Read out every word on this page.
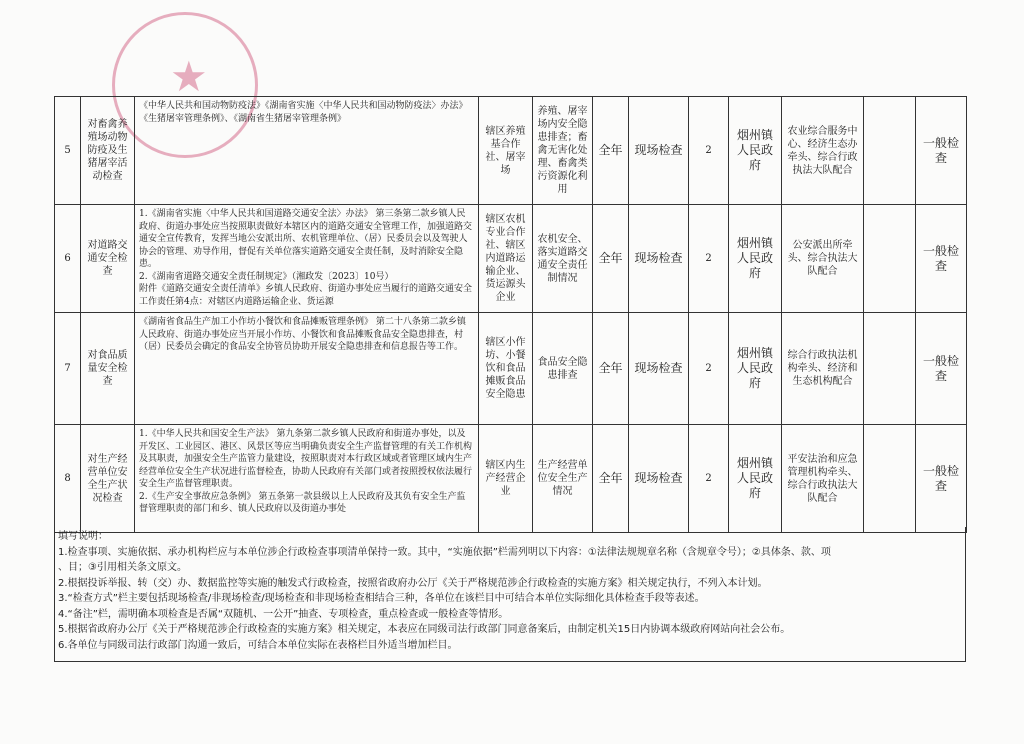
★
5	对畜禽养殖场动物防疫及生猪屠宰活动检查	《中华人民共和国动物防疫法》《湖南省实施〈中华人民共和国动物防疫法〉办法》《生猪屠宰管理条例》、《湖南省生猪屠宰管理条例》	辖区养殖基合作社、屠宰场	养殖、屠宰场内安全隐患排查；畜禽无害化处理、畜禽类污资源化利用	全年	现场检查	2	烟州镇人民政府	农业综合服务中心、经济生态办牵头、综合行政执法大队配合		一般检查
6	对道路交通安全检查	1.《湖南省实施〈中华人民共和国道路交通安全法〉办法》 第三条第二款乡镇人民政府、街道办事处应当按照职责做好本辖区内的道路交通安全管理工作，加强道路交通安全宣传教育，发挥当地公安派出所、农机管理单位、（居）民委员会以及驾驶人协会的管理、劝导作用，督促有关单位落实道路交通安全责任制，及时消除安全隐患。
2.《湖南省道路交通安全责任制规定》（湘政发〔2023〕10号）
附件《道路交通安全责任清单》乡镇人民政府、街道办事处应当履行的道路交通安全工作责任第4点：对辖区内道路运输企业、货运源	辖区农机专业合作社、辖区内道路运输企业、货运源头企业	农机安全、落实道路交通安全责任制情况	全年	现场检查	2	烟州镇人民政府	公安派出所牵头、综合执法大队配合		一般检查
7	对食品质量安全检查	《湖南省食品生产加工小作坊小餐饮和食品摊贩管理条例》 第二十八条第二款乡镇人民政府、街道办事处应当开展小作坊、小餐饮和食品摊贩食品安全隐患排查，村（居）民委员会确定的食品安全协管员协助开展安全隐患排查和信息报告等工作。	辖区小作坊、小餐饮和食品摊贩食品安全隐患	食品安全隐患排查	全年	现场检查	2	烟州镇人民政府	综合行政执法机构牵头、经济和生态机构配合		一般检查
8	对生产经营单位安全生产状况检查	1.《中华人民共和国安全生产法》 第九条第二款乡镇人民政府和街道办事处，以及开发区、工业园区、港区、风景区等应当明确负责安全生产监督管理的有关工作机构及其职责，加强安全生产监管力量建设，按照职责对本行政区域或者管理区域内生产经营单位安全生产状况进行监督检查，协助人民政府有关部门或者按照授权依法履行安全生产监督管理职责。
2.《生产安全事故应急条例》 第五条第一款县级以上人民政府及其负有安全生产监督管理职责的部门和乡、镇人民政府以及街道办事处	辖区内生产经营企业	生产经营单位安全生产情况	全年	现场检查	2	烟州镇人民政府	平安法治和应急管理机构牵头、综合行政执法大队配合		一般检查
填写说明：
1.检查事项、实施依据、承办机构栏应与本单位涉企行政检查事项清单保持一致。其中，“实施依据”栏需列明以下内容：①法律法规规章名称（含规章令号）；②具体条、款、项
、目；③引用相关条文原文。
2.根据投诉举报、转（交）办、数据监控等实施的触发式行政检查，按照省政府办公厅《关于严格规范涉企行政检查的实施方案》相关规定执行，不列入本计划。
3.“检查方式”栏主要包括现场检查/非现场检查/现场检查和非现场检查相结合三种，各单位在该栏目中可结合本单位实际细化具体检查手段等表述。
4.“备注”栏，需明确本项检查是否属“双随机、一公开”抽查、专项检查，重点检查或一般检查等情形。
5.根据省政府办公厅《关于严格规范涉企行政检查的实施方案》相关规定，本表应在同级司法行政部门同意备案后，由制定机关15日内协调本级政府网站向社会公布。
6.各单位与同级司法行政部门沟通一致后，可结合本单位实际在表格栏目外适当增加栏目。
